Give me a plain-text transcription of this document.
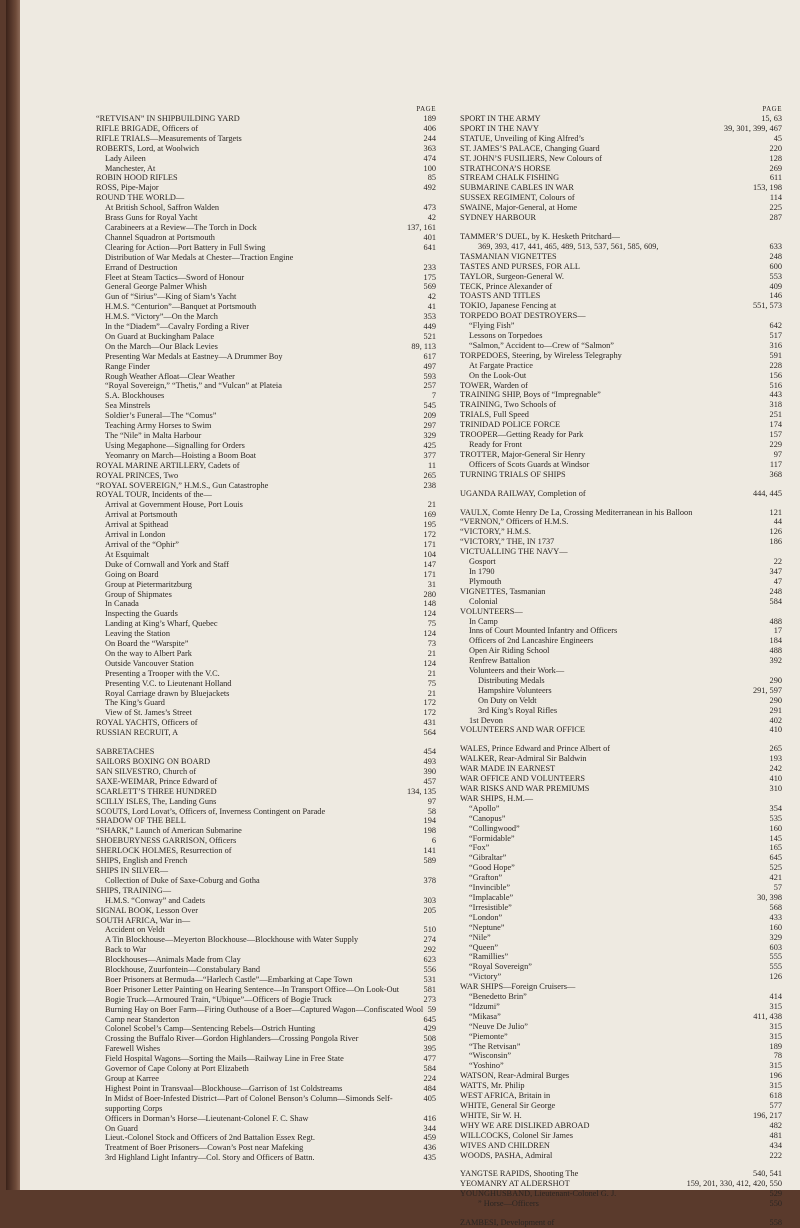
PAGE
“RETVISAN” IN SHIPBUILDING YARD	189
RIFLE BRIGADE, Officers of	406
RIFLE TRIALS—Measurements of Targets	244
ROBERTS, Lord, at Woolwich	363
Lady Aileen	474
Manchester, At	100
ROBIN HOOD RIFLES	85
ROSS, Pipe-Major	492
ROUND THE WORLD—
At British School, Saffron Walden	473
Brass Guns for Royal Yacht	42
Carabineers at a Review—The Torch in Dock	137, 161
Channel Squadron at Portsmouth	401
Clearing for Action—Port Battery in Full Swing	641
Distribution of War Medals at Chester—Traction Engine
Errand of Destruction	233
Fleet at Steam Tactics—Sword of Honour	175
General George Palmer Whish	569
Gun of “Sirius”—King of Siam’s Yacht	42
H.M.S. “Centurion”—Banquet at Portsmouth	41
H.M.S. “Victory”—On the March	353
In the “Diadem”—Cavalry Fording a River	449
On Guard at Buckingham Palace	521
On the March—Our Black Levies	89, 113
Presenting War Medals at Eastney—A Drummer Boy	617
Range Finder	497
Rough Weather Afloat—Clear Weather	593
“Royal Sovereign,” “Thetis,” and “Vulcan” at Plateia	257
S.A. Blockhouses	7
Sea Minstrels	545
Soldier’s Funeral—The “Comus”	209
Teaching Army Horses to Swim	297
The “Nile” in Malta Harbour	329
Using Megaphone—Signalling for Orders	425
Yeomanry on March—Hoisting a Boom Boat	377
ROYAL MARINE ARTILLERY, Cadets of	11
ROYAL PRINCES, Two	265
“ROYAL SOVEREIGN,” H.M.S., Gun Catastrophe	238
ROYAL TOUR, Incidents of the—
Arrival at Government House, Port Louis	21
Arrival at Portsmouth	169
Arrival at Spithead	195
Arrival in London	172
Arrival of the “Ophir”	171
At Esquimalt	104
Duke of Cornwall and York and Staff	147
Going on Board	171
Group at Pietermaritzburg	31
Group of Shipmates	280
In Canada	148
Inspecting the Guards	124
Landing at King’s Wharf, Quebec	75
Leaving the Station	124
On Board the “Warspite”	73
On the way to Albert Park	21
Outside Vancouver Station	124
Presenting a Trooper with the V.C.	21
Presenting V.C. to Lieutenant Holland	75
Royal Carriage drawn by Bluejackets	21
The King’s Guard	172
View of St. James’s Street	172
ROYAL YACHTS, Officers of	431
RUSSIAN RECRUIT, A	564
SABRETACHES	454
SAILORS BOXING ON BOARD	493
SAN SILVESTRO, Church of	390
SAXE-WEIMAR, Prince Edward of	457
SCARLETT’S THREE HUNDRED	134, 135
SCILLY ISLES, The, Landing Guns	97
SCOUTS, Lord Lovat’s, Officers of, Inverness Contingent on Parade	58
SHADOW OF THE BELL	194
“SHARK,” Launch of American Submarine	198
SHOEBURYNESS GARRISON, Officers	6
SHERLOCK HOLMES, Resurrection of	141
SHIPS, English and French	589
SHIPS IN SILVER—
Collection of Duke of Saxe-Coburg and Gotha	378
SHIPS, TRAINING—
H.M.S. “Conway” and Cadets	303
SIGNAL BOOK, Lesson Over	205
SOUTH AFRICA, War in—
Accident on Veldt	510
A Tin Blockhouse—Meyerton Blockhouse—Blockhouse with Water Supply	274
Back to War	292
Blockhouses—Animals Made from Clay	623
Blockhouse, Zuurfontein—Constabulary Band	556
Boer Prisoners at Bermuda—“Harlech Castle”—Embarking at Cape Town	531
Boer Prisoner Letter Painting on Hearing Sentence—In Transport Office—On Look-Out	581
Bogie Truck—Armoured Train, “Ubique”—Officers of Bogie Truck	273
Burning Hay on Boer Farm—Firing Outhouse of a Boer—Captured Wagon—Confiscated Wool 59
Camp near Standerton	645
Colonel Scobel’s Camp—Sentencing Rebels—Ostrich Hunting	429
Crossing the Buffalo River—Gordon Highlanders—Crossing Pongola River	508
Farewell Wishes	395
Field Hospital Wagons—Sorting the Mails—Railway Line in Free State	477
Governor of Cape Colony at Port Elizabeth	584
Group at Karree	224
Highest Point in Transvaal—Blockhouse—Garrison of 1st Coldstreams	484
In Midst of Boer-Infested District—Part of Colonel Benson’s Column—Simonds Self-supporting Corps
405
Officers in Dorman’s Horse—Lieutenant-Colonel F. C. Shaw	416
On Guard	344
Lieut.-Colonel Stock and Officers of 2nd Battalion Essex Regt.	459
Treatment of Boer Prisoners—Cowan’s Post near Mafeking	436
3rd Highland Light Infantry—Col. Story and Officers of Battn.	435
PAGE
SPORT IN THE ARMY	15, 63
SPORT IN THE NAVY	39, 301, 399, 467
STATUE, Unveiling of King Alfred’s	45
ST. JAMES’S PALACE, Changing Guard	220
ST. JOHN’S FUSILIERS, New Colours of	128
STRATHCONA’S HORSE	269
STREAM CHALK FISHING	611
SUBMARINE CABLES IN WAR	153, 198
SUSSEX REGIMENT, Colours of	114
SWAINE, Major-General, at Home	225
SYDNEY HARBOUR	287
TAMMER’S DUEL, by K. Hesketh Pritchard—
369, 393, 417, 441, 465, 489, 513, 537, 561, 585, 609,	633
TASMANIAN VIGNETTES	248
TASTES AND PURSES, FOR ALL	600
TAYLOR, Surgeon-General W.	553
TECK, Prince Alexander of	409
TOASTS AND TITLES	146
TOKIO, Japanese Fencing at	551, 573
TORPEDO BOAT DESTROYERS—
“Flying Fish”	642
Lessons on Torpedoes	517
“Salmon,” Accident to—Crew of “Salmon”	316
TORPEDOES, Steering, by Wireless Telegraphy	591
At Fargate Practice	228
On the Look-Out	156
TOWER, Warden of	516
TRAINING SHIP, Boys of “Impregnable”	443
TRAINING, Two Schools of	318
TRIALS, Full Speed	251
TRINIDAD POLICE FORCE	174
TROOPER—Getting Ready for Park	157
Ready for Front	229
TROTTER, Major-General Sir Henry	97
Officers of Scots Guards at Windsor	117
TURNING TRIALS OF SHIPS	368
UGANDA RAILWAY, Completion of	444, 445
VAULX, Comte Henry De La, Crossing Mediterranean in his Balloon	121
“VERNON,” Officers of H.M.S.	44
“VICTORY,” H.M.S.	126
“VICTORY,” THE, IN 1737	186
VICTUALLING THE NAVY—
Gosport	22
In 1790	347
Plymouth	47
VIGNETTES, Tasmanian	248
Colonial	584
VOLUNTEERS—
In Camp	488
Inns of Court Mounted Infantry and Officers	17
Officers of 2nd Lancashire Engineers	184
Open Air Riding School	488
Renfrew Battalion	392
Volunteers and their Work—
Distributing Medals	290
Hampshire Volunteers	291, 597
On Duty on Veldt	290
3rd King’s Royal Rifles	291
1st Devon	402
VOLUNTEERS AND WAR OFFICE	410
WALES, Prince Edward and Prince Albert of	265
WALKER, Rear-Admiral Sir Baldwin	193
WAR MADE IN EARNEST	242
WAR OFFICE AND VOLUNTEERS	410
WAR RISKS AND WAR PREMIUMS	310
WAR SHIPS, H.M.—
“Apollo”	354
“Canopus”	535
“Collingwood”	160
“Formidable”	145
“Fox”	165
“Gibraltar”	645
“Good Hope”	525
“Grafton”	421
“Invincible”	57
“Implacable”	30, 398
“Irresistible”	568
“London”	433
“Neptune”	160
“Nile”	329
“Queen”	603
“Ramillies”	555
“Royal Sovereign”	555
“Victory”	126
WAR SHIPS—Foreign Cruisers—
“Benedetto Brin”	414
“Idzumi”	315
“Mikasa”	411, 438
“Neuve De Julio”	315
“Piemonte”	315
“The Retvisan”	189
“Wisconsin”	78
“Yoshino”	315
WATSON, Rear-Admiral Burges	196
WATTS, Mr. Philip	315
WEST AFRICA, Britain in	618
WHITE, General Sir George	577
WHITE, Sir W. H.	196, 217
WHY WE ARE DISLIKED ABROAD	482
WILLCOCKS, Colonel Sir James	481
WIVES AND CHILDREN	434
WOODS, PASHA, Admiral	222
YANGTSE RAPIDS, Shooting The	540, 541
YEOMANRY AT ALDERSHOT	159, 201, 330, 412, 420, 550
YOUNGHUSBAND, Lieutenant-Colonel G. J.	529
” Horse—Officers	550
ZAMBESI, Development of	558
